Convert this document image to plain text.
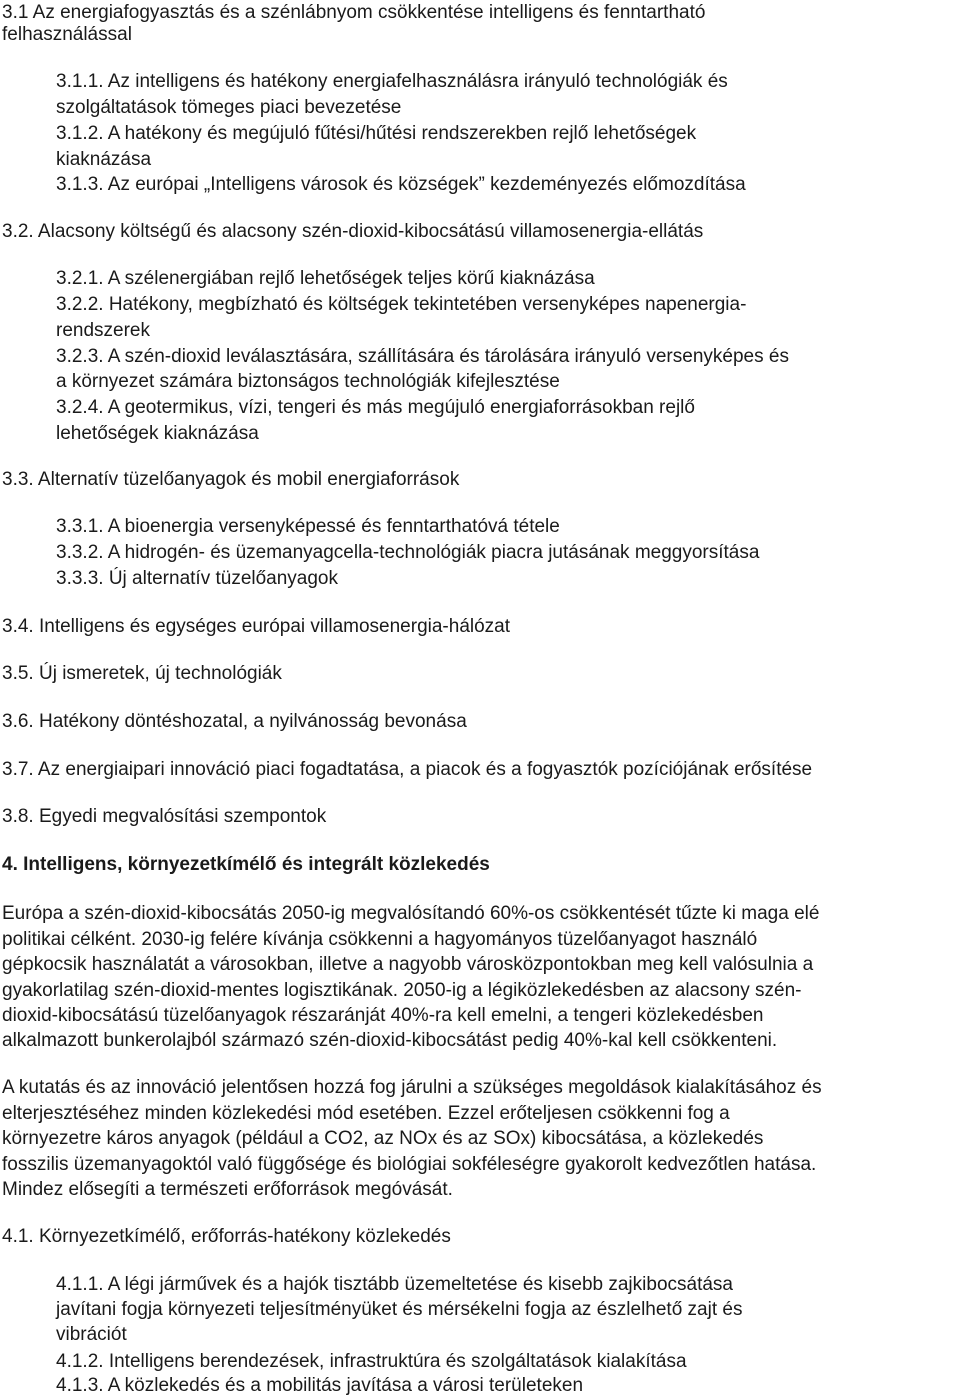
3.1 Az energiafogyasztás és a szénlábnyom csökkentése intelligens és fenntartható
felhasználással
3.1.1. Az intelligens és hatékony energiafelhasználásra irányuló technológiák és
szolgáltatások tömeges piaci bevezetése
3.1.2. A hatékony és megújuló fűtési/hűtési rendszerekben rejlő lehetőségek
kiaknázása
3.1.3. Az európai „Intelligens városok és községek” kezdeményezés előmozdítása
3.2. Alacsony költségű és alacsony szén-dioxid-kibocsátású villamosenergia-ellátás
3.2.1. A szélenergiában rejlő lehetőségek teljes körű kiaknázása
3.2.2. Hatékony, megbízható és költségek tekintetében versenyképes napenergia-
rendszerek
3.2.3. A szén-dioxid leválasztására, szállítására és tárolására irányuló versenyképes és
a környezet számára biztonságos technológiák kifejlesztése
3.2.4. A geotermikus, vízi, tengeri és más megújuló energiaforrásokban rejlő
lehetőségek kiaknázása
3.3. Alternatív tüzelőanyagok és mobil energiaforrások
3.3.1. A bioenergia versenyképessé és fenntarthatóvá tétele
3.3.2. A hidrogén- és üzemanyagcella-technológiák piacra jutásának meggyorsítása
3.3.3. Új alternatív tüzelőanyagok
3.4. Intelligens és egységes európai villamosenergia-hálózat
3.5. Új ismeretek, új technológiák
3.6. Hatékony döntéshozatal, a nyilvánosság bevonása
3.7. Az energiaipari innováció piaci fogadtatása, a piacok és a fogyasztók pozíciójának erősítése
3.8. Egyedi megvalósítási szempontok
4. Intelligens, környezetkímélő és integrált közlekedés
Európa a szén-dioxid-kibocsátás 2050-ig megvalósítandó 60%-os csökkentését tűzte ki maga elé
politikai célként. 2030-ig felére kívánja csökkenni a hagyományos tüzelőanyagot használó
gépkocsik használatát a városokban, illetve a nagyobb városközpontokban meg kell valósulnia a
gyakorlatilag szén-dioxid-mentes logisztikának. 2050-ig a légiközlekedésben az alacsony szén-
dioxid-kibocsátású tüzelőanyagok részaránját 40%-ra kell emelni, a tengeri közlekedésben
alkalmazott bunkerolajból származó szén-dioxid-kibocsátást pedig 40%-kal kell csökkenteni.
A kutatás és az innováció jelentősen hozzá fog járulni a szükséges megoldások kialakításához és
elterjesztéséhez minden közlekedési mód esetében. Ezzel erőteljesen csökkenni fog a
környezetre káros anyagok (például a CO2, az NOx és az SOx) kibocsátása, a közlekedés
fosszilis üzemanyagoktól való függősége és biológiai sokféleségre gyakorolt kedvezőtlen hatása.
Mindez elősegíti a természeti erőforrások megóvását.
4.1. Környezetkímélő, erőforrás-hatékony közlekedés
4.1.1. A légi járművek és a hajók tisztább üzemeltetése és kisebb zajkibocsátása
javítani fogja környezeti teljesítményüket és mérsékelni fogja az észlelhető zajt és
vibrációt
4.1.2. Intelligens berendezések, infrastruktúra és szolgáltatások kialakítása
4.1.3. A közlekedés és a mobilitás javítása a városi területeken
